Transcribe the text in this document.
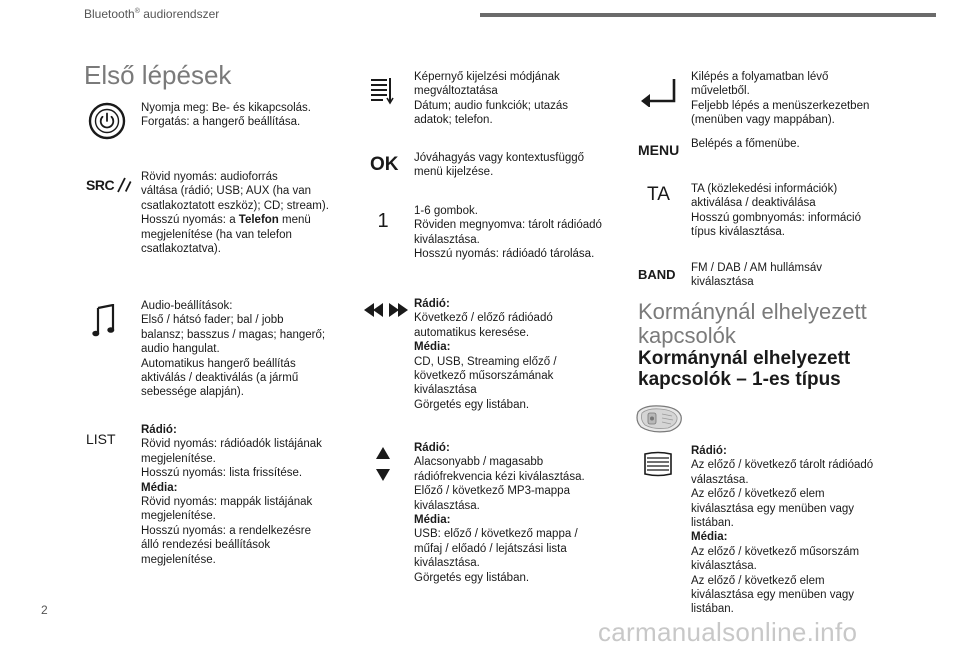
Bluetooth® audiorendszer
Első lépések
Nyomja meg: Be- és kikapcsolás.
Forgatás: a hangerő beállítása.
SRC Rövid nyomás: audioforrás
váltása (rádió; USB; AUX (ha van
csatlakoztatott eszköz); CD; stream).
Hosszú nyomás: a Telefon menü
megjelenítése (ha van telefon
csatlakoztatva).
Audio-beállítások:
Első / hátsó fader; bal / jobb
balansz; basszus / magas; hangerő;
audio hangulat.
Automatikus hangerő beállítás
aktiválás / deaktiválás (a jármű
sebessége alapján).
LIST
Rádió:
Rövid nyomás: rádióadók listájának
megjelenítése.
Hosszú nyomás: lista frissítése.
Média:
Rövid nyomás: mappák listájának
megjelenítése.
Hosszú nyomás: a rendelkezésre
álló rendezési beállítások
megjelenítése.
Képernyő kijelzési módjának
megváltoztatása
Dátum; audio funkciók; utazás
adatok; telefon.
OK Jóváhagyás vagy kontextusfüggő
menü kijelzése.
1 1-6 gombok.
Röviden megnyomva: tárolt rádióadó
kiválasztása.
Hosszú nyomás: rádióadó tárolása.
Rádió:
Következő / előző rádióadó
automatikus keresése.
Média:
CD, USB, Streaming előző /
következő műsorszámának
kiválasztása
Görgetés egy listában.
Rádió:
Alacsonyabb / magasabb
rádiófrekvencia kézi kiválasztása.
Előző / következő MP3-mappa
kiválasztása.
Média:
USB: előző / következő mappa /
műfaj / előadó / lejátszási lista
kiválasztása.
Görgetés egy listában.
Kilépés a folyamatban lévő
műveletből.
Feljebb lépés a menüszerkezetben
(menüben vagy mappában).
MENU Belépés a főmenübe.
TA TA (közlekedési információk)
aktiválása / deaktiválása
Hosszú gombnyomás: információ
típus kiválasztása.
BAND FM / DAB / AM hullámsáv
kiválasztása
Kormánynál elhelyezett
kapcsolók
Kormánynál elhelyezett
kapcsolók – 1-es típus
Rádió:
Az előző / következő tárolt rádióadó
választása.
Az előző / következő elem
kiválasztása egy menüben vagy
listában.
Média:
Az előző / következő műsorszám
kiválasztása.
Az előző / következő elem
kiválasztása egy menüben vagy
listában.
2
carmanualsonline.info
